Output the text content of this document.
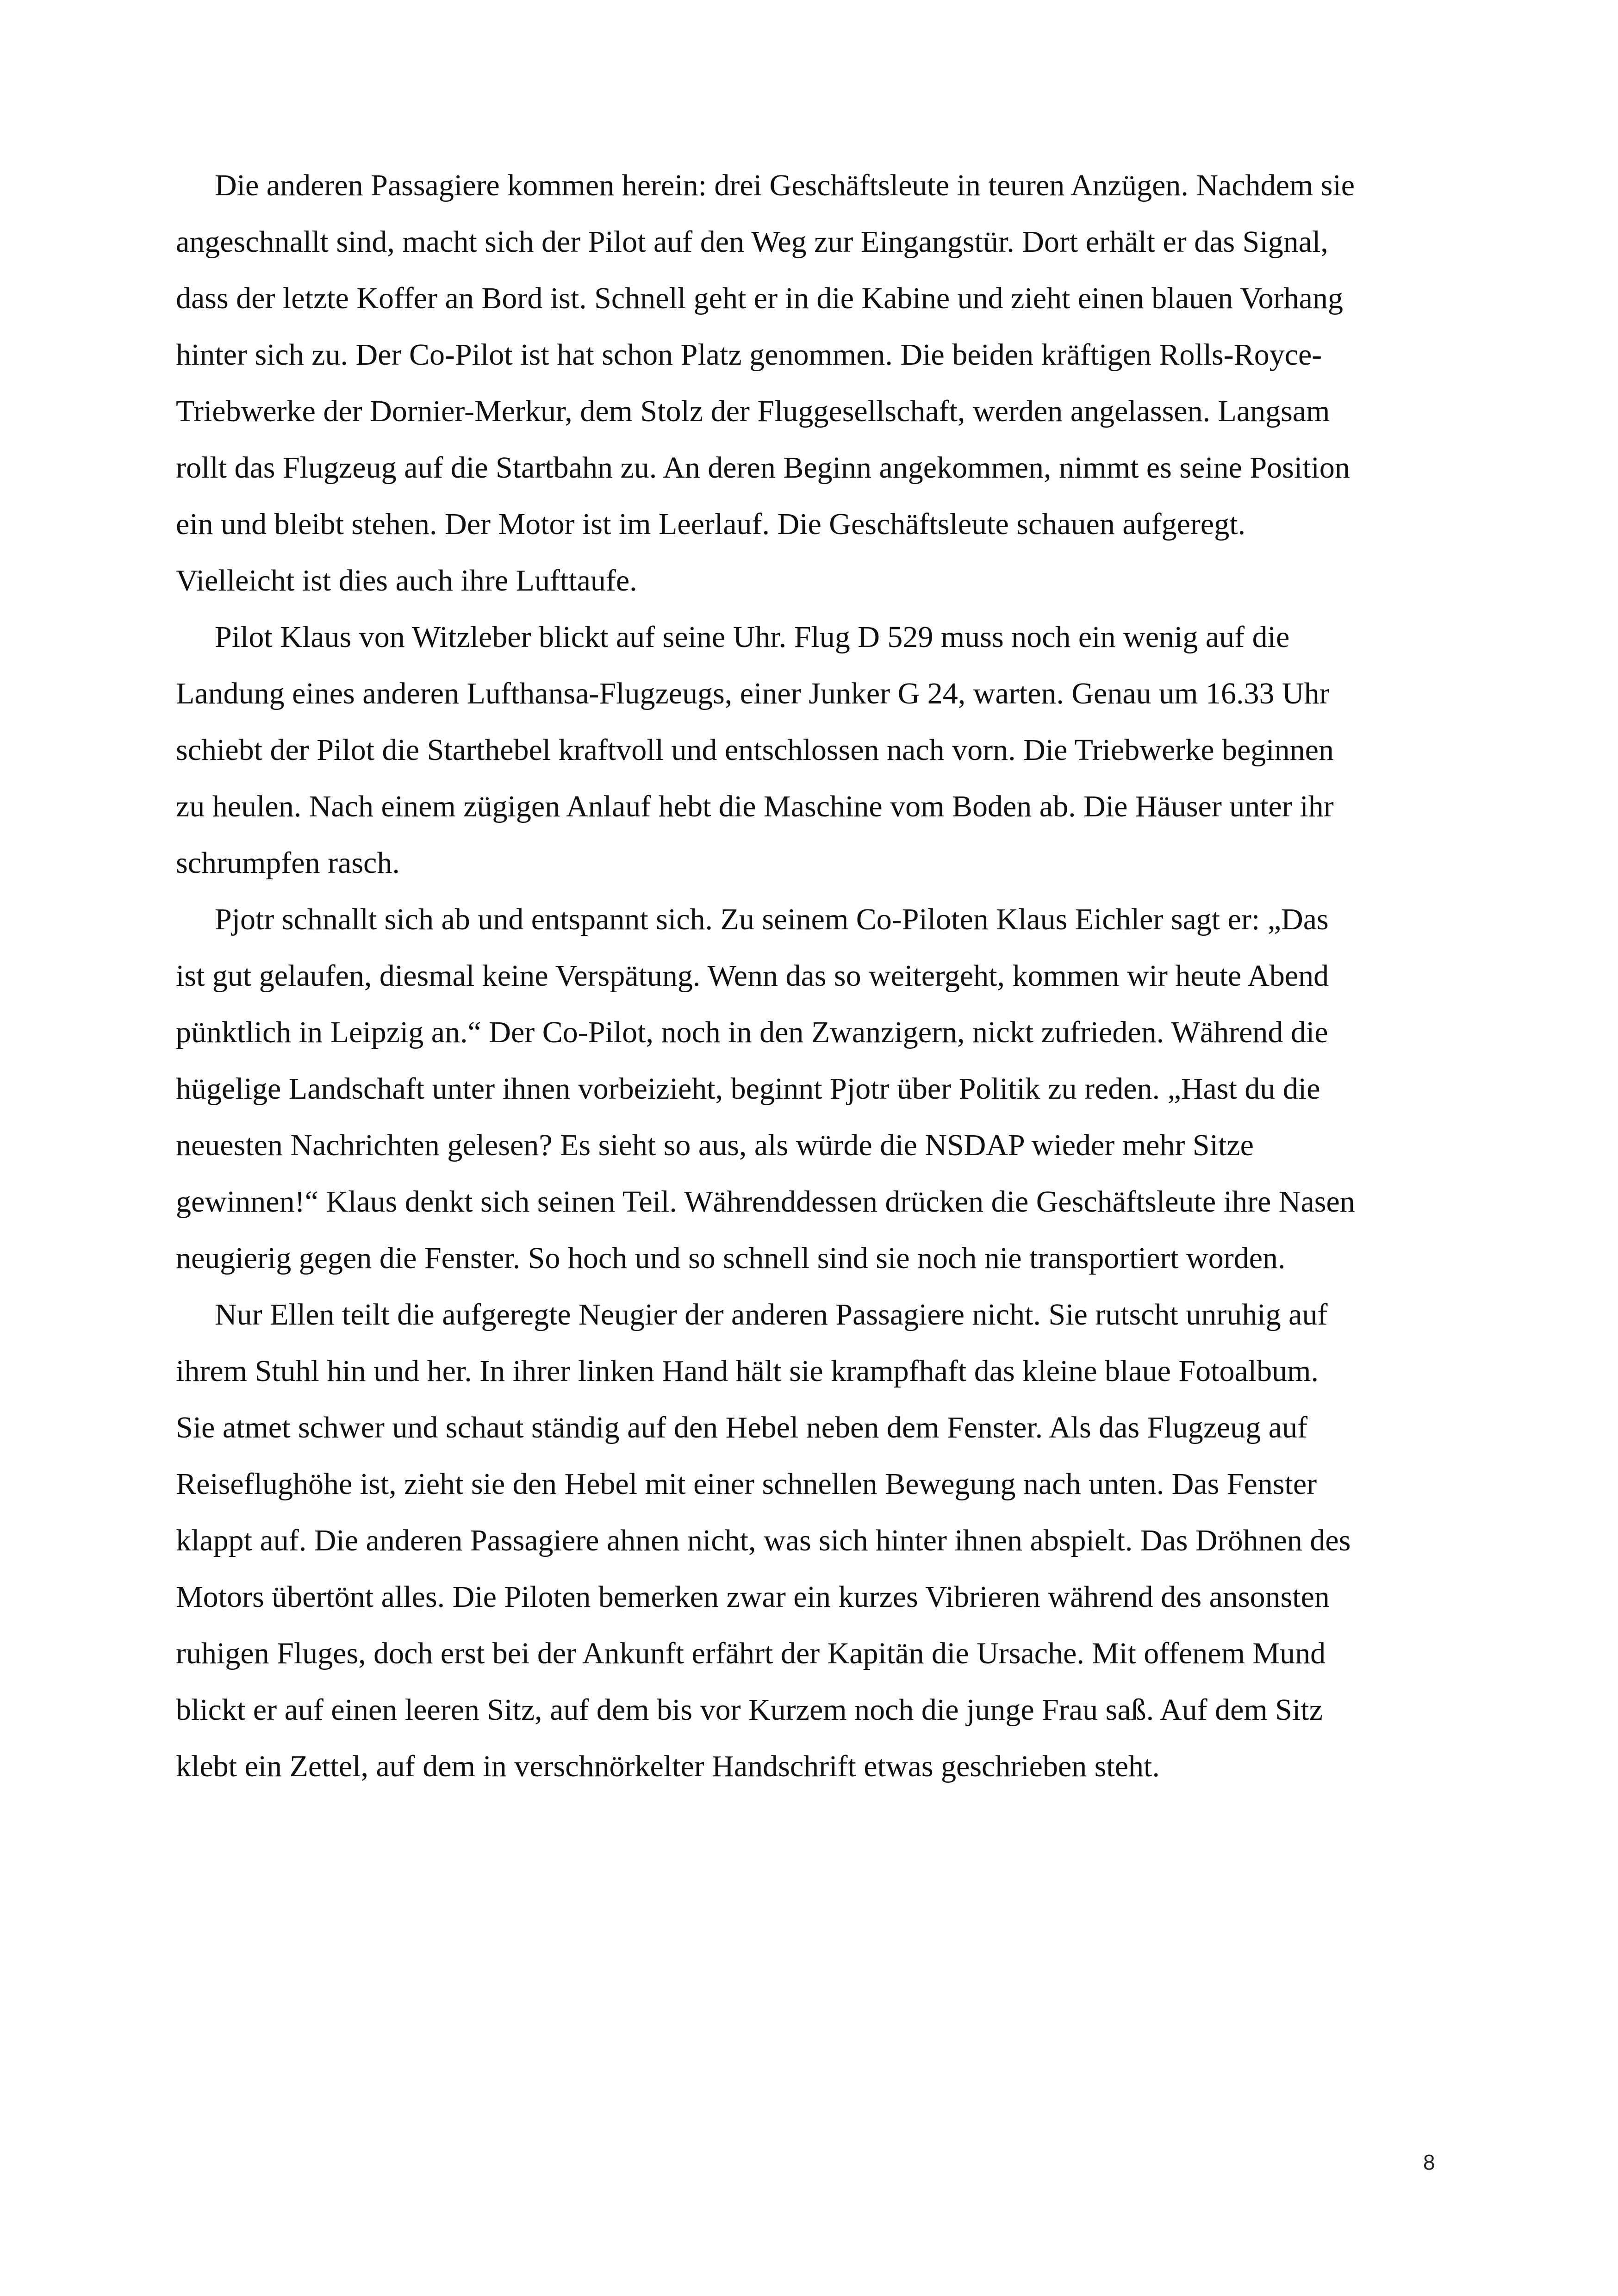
Die anderen Passagiere kommen herein: drei Geschäftsleute in teuren Anzügen. Nachdem sie
angeschnallt sind, macht sich der Pilot auf den Weg zur Eingangstür. Dort erhält er das Signal,
dass der letzte Koffer an Bord ist. Schnell geht er in die Kabine und zieht einen blauen Vorhang
hinter sich zu. Der Co-Pilot ist hat schon Platz genommen. Die beiden kräftigen Rolls-Royce-
Triebwerke der Dornier-Merkur, dem Stolz der Fluggesellschaft, werden angelassen. Langsam
rollt das Flugzeug auf die Startbahn zu. An deren Beginn angekommen, nimmt es seine Position
ein und bleibt stehen. Der Motor ist im Leerlauf. Die Geschäftsleute schauen aufgeregt.
Vielleicht ist dies auch ihre Lufttaufe.
Pilot Klaus von Witzleber blickt auf seine Uhr. Flug D 529 muss noch ein wenig auf die
Landung eines anderen Lufthansa-Flugzeugs, einer Junker G 24, warten. Genau um 16.33 Uhr
schiebt der Pilot die Starthebel kraftvoll und entschlossen nach vorn. Die Triebwerke beginnen
zu heulen. Nach einem zügigen Anlauf hebt die Maschine vom Boden ab. Die Häuser unter ihr
schrumpfen rasch.
Pjotr schnallt sich ab und entspannt sich. Zu seinem Co-Piloten Klaus Eichler sagt er: „Das
ist gut gelaufen, diesmal keine Verspätung. Wenn das so weitergeht, kommen wir heute Abend
pünktlich in Leipzig an.“ Der Co-Pilot, noch in den Zwanzigern, nickt zufrieden. Während die
hügelige Landschaft unter ihnen vorbeizieht, beginnt Pjotr über Politik zu reden. „Hast du die
neuesten Nachrichten gelesen? Es sieht so aus, als würde die NSDAP wieder mehr Sitze
gewinnen!“ Klaus denkt sich seinen Teil. Währenddessen drücken die Geschäftsleute ihre Nasen
neugierig gegen die Fenster. So hoch und so schnell sind sie noch nie transportiert worden.
Nur Ellen teilt die aufgeregte Neugier der anderen Passagiere nicht. Sie rutscht unruhig auf
ihrem Stuhl hin und her. In ihrer linken Hand hält sie krampfhaft das kleine blaue Fotoalbum.
Sie atmet schwer und schaut ständig auf den Hebel neben dem Fenster. Als das Flugzeug auf
Reiseflughöhe ist, zieht sie den Hebel mit einer schnellen Bewegung nach unten. Das Fenster
klappt auf. Die anderen Passagiere ahnen nicht, was sich hinter ihnen abspielt. Das Dröhnen des
Motors übertönt alles. Die Piloten bemerken zwar ein kurzes Vibrieren während des ansonsten
ruhigen Fluges, doch erst bei der Ankunft erfährt der Kapitän die Ursache. Mit offenem Mund
blickt er auf einen leeren Sitz, auf dem bis vor Kurzem noch die junge Frau saß. Auf dem Sitz
klebt ein Zettel, auf dem in verschnörkelter Handschrift etwas geschrieben steht.
8
